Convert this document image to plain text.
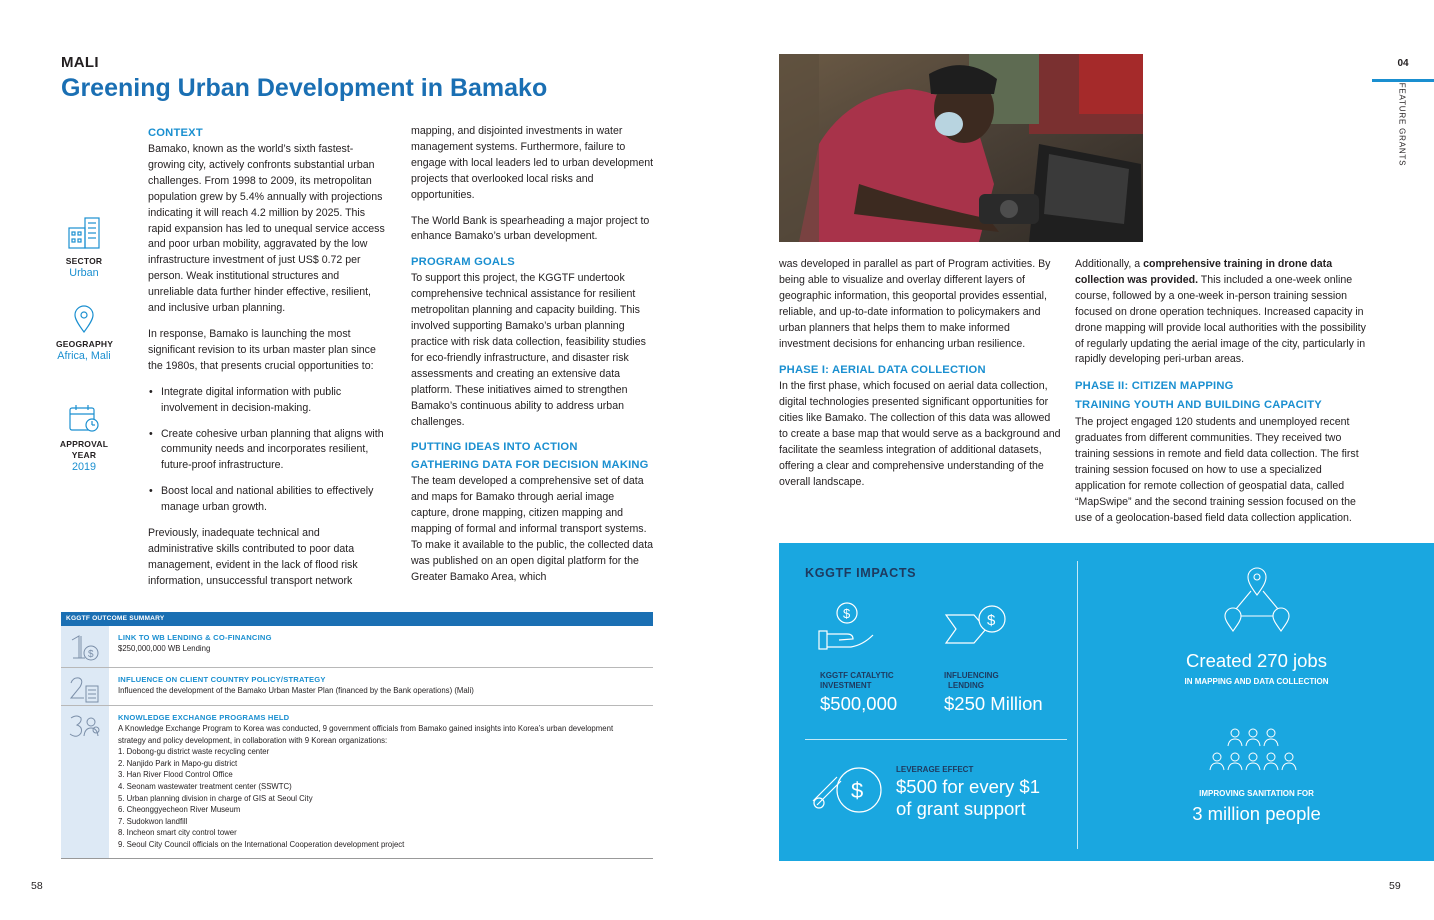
MALI
Greening Urban Development in Bamako
SECTOR
Urban
GEOGRAPHY
Africa, Mali
APPROVAL YEAR
2019
CONTEXT

Bamako, known as the world’s sixth fastest-growing city, actively confronts substantial urban challenges. From 1998 to 2009, its metropolitan population grew by 5.4% annually with projections indicating it will reach 4.2 million by 2025. This rapid expansion has led to unequal service access and poor urban mobility, aggravated by the low infrastructure investment of just US$ 0.72 per person. Weak institutional structures and unreliable data further hinder effective, resilient, and inclusive urban planning.

In response, Bamako is launching the most significant revision to its urban master plan since the 1980s, that presents crucial opportunities to:

• Integrate digital information with public involvement in decision-making.
• Create cohesive urban planning that aligns with community needs and incorporates resilient, future-proof infrastructure.
• Boost local and national abilities to effectively manage urban growth.

Previously, inadequate technical and administrative skills contributed to poor data management, evident in the lack of flood risk information, unsuccessful transport network

mapping, and disjointed investments in water management systems. Furthermore, failure to engage with local leaders led to urban development projects that overlooked local risks and opportunities.

The World Bank is spearheading a major project to enhance Bamako’s urban development.

PROGRAM GOALS

To support this project, the KGGTF undertook comprehensive technical assistance for resilient metropolitan planning and capacity building. This involved supporting Bamako’s urban planning practice with risk data collection, feasibility studies for eco-friendly infrastructure, and disaster risk assessments and creating an extensive data platform. These initiatives aimed to strengthen Bamako’s continuous ability to address urban challenges.

PUTTING IDEAS INTO ACTION
GATHERING DATA FOR DECISION MAKING

The team developed a comprehensive set of data and maps for Bamako through aerial image capture, drone mapping, citizen mapping and mapping of formal and informal transport systems. To make it available to the public, the collected data was published on an open digital platform for the Greater Bamako Area, which

KGGTF OUTCOME SUMMARY
$
LINK TO WB LENDING & CO-FINANCING
$250,000,000 WB Lending
INFLUENCE ON CLIENT COUNTRY POLICY/STRATEGY
Influenced the development of the Bamako Urban Master Plan (financed by the Bank operations) (Mali)
KNOWLEDGE EXCHANGE PROGRAMS HELD
A Knowledge Exchange Program to Korea was conducted, 9 government officials from Bamako gained insights into Korea’s urban development strategy and policy development, in collaboration with 9 Korean organizations:
1. Dobong-gu district waste recycling center
2. Nanjido Park in Mapo-gu district
3. Han River Flood Control Office
4. Seonam wastewater treatment center (SSWTC)
5. Urban planning division in charge of GIS at Seoul City
6. Cheonggyecheon River Museum
7. Sudokwon landfill
8. Incheon smart city control tower
9. Seoul City Council officials on the International Cooperation development project
58
04
FEATURE GRANTS

was developed in parallel as part of Program activities. By being able to visualize and overlay different layers of geographic information, this geoportal provides essential, reliable, and up-to-date information to policymakers and urban planners that helps them to make informed investment decisions for enhancing urban resilience.

PHASE I: AERIAL DATA COLLECTION

In the first phase, which focused on aerial data collection, digital technologies presented significant opportunities for cities like Bamako. The collection of this data was allowed to create a base map that would serve as a background and facilitate the seamless integration of additional datasets, offering a clear and comprehensive understanding of the overall landscape.

Additionally, a comprehensive training in drone data collection was provided. This included a one-week online course, followed by a one-week in-person training session focused on drone operation techniques. Increased capacity in drone mapping will provide local authorities with the possibility of regularly updating the aerial image of the city, particularly in rapidly developing peri-urban areas.

PHASE II: CITIZEN MAPPING
TRAINING YOUTH AND BUILDING CAPACITY

The project engaged 120 students and unemployed recent graduates from different communities. They received two training sessions in remote and field data collection. The first training session focused on how to use a specialized application for remote collection of geospatial data, called “MapSwipe” and the second training session focused on the use of a geolocation-based field data collection application.

KGGTF IMPACTS
$	$
KGGTF CATALYTIC
INVESTMENT
$500,000
INFLUENCING
LENDING
$250 Million
$
LEVERAGE EFFECT
$500 for every $1
of grant support
Created 270 jobs
IN MAPPING AND DATA COLLECTION
IMPROVING SANITATION FOR
3 million people
59
